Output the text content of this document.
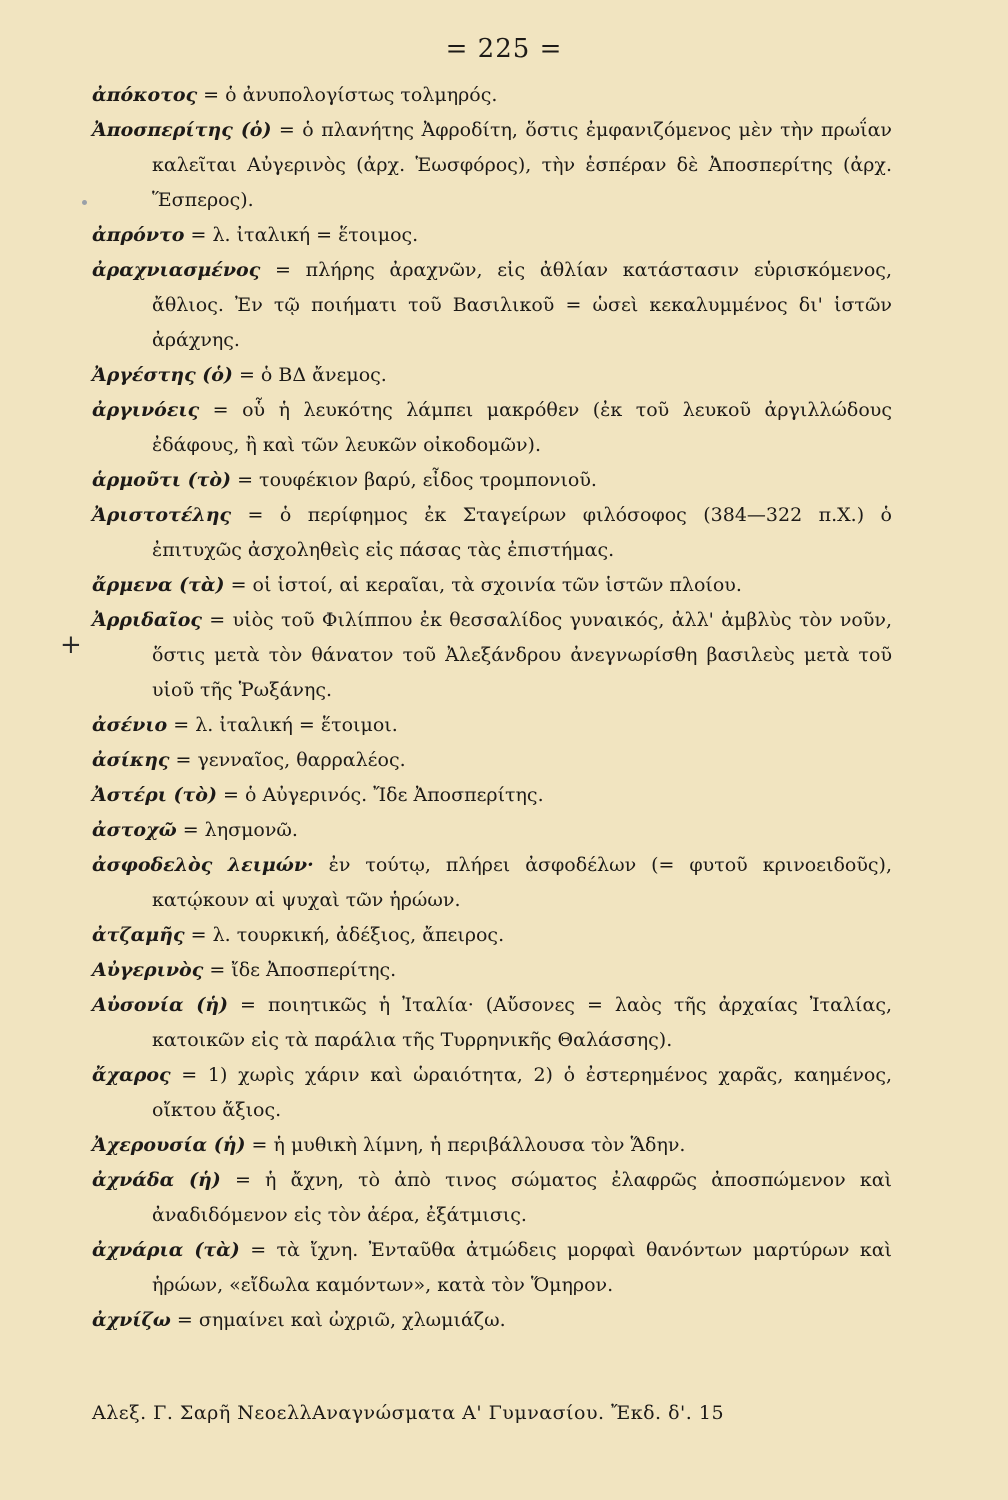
= 225 =
ἀπόκοτος = ὁ ἀνυπολογίστως τολμηρός.
Ἀποσπερίτης (ὁ) = ὁ πλανήτης Ἀφροδίτη, ὅστις ἐμφανιζόμενος μὲν τὴν πρωΐαν καλεῖται Αὐγερινὸς (ἀρχ. Ἑωσφόρος), τὴν ἑσπέραν δὲ Ἀποσπερίτης (ἀρχ. Ἕσπερος).
ἀπρόντο = λ. ἰταλική = ἕτοιμος.
ἀραχνιασμένος = πλήρης ἀραχνῶν, εἰς ἀθλίαν κατάστασιν εὑρισκόμενος, ἄθλιος. Ἐν τῷ ποιήματι τοῦ Βασιλικοῦ = ὡσεὶ κεκαλυμμένος δι' ἱστῶν ἀράχνης.
Ἀργέστης (ὁ) = ὁ ΒΔ ἄνεμος.
ἀργινόεις = οὗ ἡ λευκότης λάμπει μακρόθεν (ἐκ τοῦ λευκοῦ ἀργιλλώδους ἐδάφους, ἢ καὶ τῶν λευκῶν οἰκοδομῶν).
ἁρμοῦτι (τὸ) = τουφέκιον βαρύ, εἶδος τρομπονιοῦ.
Ἀριστοτέλης = ὁ περίφημος ἐκ Σταγείρων φιλόσοφος (384—322 π.Χ.) ὁ ἐπιτυχῶς ἀσχοληθεὶς εἰς πάσας τὰς ἐπιστήμας.
ἄρμενα (τὰ) = οἱ ἱστοί, αἱ κεραῖαι, τὰ σχοινία τῶν ἱστῶν πλοίου.
Ἀρριδαῖος = υἱὸς τοῦ Φιλίππου ἐκ θεσσαλίδος γυναικός, ἀλλ' ἀμβλὺς τὸν νοῦν, ὅστις μετὰ τὸν θάνατον τοῦ Ἀλεξάνδρου ἀνεγνωρίσθη βασιλεὺς μετὰ τοῦ υἱοῦ τῆς Ῥωξάνης.
ἀσένιο = λ. ἰταλική = ἕτοιμοι.
ἀσίκης = γενναῖος, θαρραλέος.
Ἀστέρι (τὸ) = ὁ Αὐγερινός. Ἴδε Ἀποσπερίτης.
ἀστοχῶ = λησμονῶ.
ἀσφοδελὸς λειμών· ἐν τούτῳ, πλήρει ἀσφοδέλων (= φυτοῦ κρινοειδοῦς), κατῴκουν αἱ ψυχαὶ τῶν ἡρώων.
ἀτζαμῆς = λ. τουρκική, ἀδέξιος, ἄπειρος.
Αὐγερινὸς = ἴδε Ἀποσπερίτης.
Αὐσονία (ἡ) = ποιητικῶς ἡ Ἰταλία· (Αὔσονες = λαὸς τῆς ἀρχαίας Ἰταλίας, κατοικῶν εἰς τὰ παράλια τῆς Τυρρηνικῆς Θαλάσσης).
ἄχαρος = 1) χωρὶς χάριν καὶ ὡραιότητα, 2) ὁ ἐστερημένος χαρᾶς, καημένος, οἴκτου ἄξιος.
Ἀχερουσία (ἡ) = ἡ μυθικὴ λίμνη, ἡ περιβάλλουσα τὸν Ἅδην.
ἀχνάδα (ἡ) = ἡ ἄχνη, τὸ ἀπὸ τινος σώματος ἐλαφρῶς ἀποσπώμενον καὶ ἀναδιδόμενον εἰς τὸν ἀέρα, ἐξάτμισις.
ἀχνάρια (τὰ) = τὰ ἴχνη. Ἐνταῦθα ἀτμώδεις μορφαὶ θανόντων μαρτύρων καὶ ἡρώων, «εἴδωλα καμόντων», κατὰ τὸν Ὅμηρον.
ἀχνίζω = σημαίνει καὶ ὠχριῶ, χλωμιάζω.
+
Αλεξ. Γ. Σαρῆ ΝεοελλΑναγνώσματα Α' Γυμνασίου. Ἔκδ. δ'. 15
